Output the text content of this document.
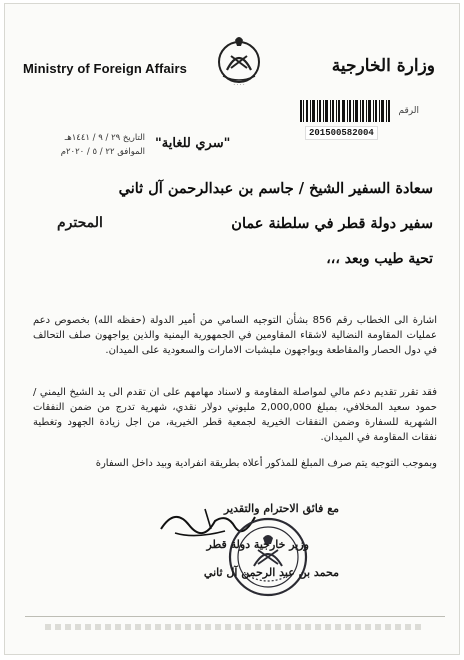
Ministry of Foreign Affairs
· · · ·
وزارة الخارجية
الرقم
201500582004
التاريخ ٢٩ / ٩ / ١٤٤١هـ
الموافق ٢٢ / ٥ / ٢٠٢٠م
"سري للغاية"
سعادة السفير الشيخ / جاسم بن عبدالرحمن آل ثاني
سفير دولة قطر في سلطنة عمان
المحترم
تحية طيب وبعد ،،،
اشارة الى الخطاب رقم 856 بشأن التوجيه السامي من أمير الدولة (حفظه الله) بخصوص دعم عمليات المقاومة النضالية لاشقاء المقاومين في الجمهورية اليمنية والذين يواجهون صلف التحالف في دول الحصار والمقاطعة ويواجهون مليشيات الامارات والسعودية على الميدان.
فقد تقرر تقديم دعم مالي لمواصلة المقاومة و لاسناد مهامهم على ان تقدم الى يد الشيخ اليمني / حمود سعيد المخلافي، بمبلغ 2,000,000 مليوني دولار نقدي، شهرية تدرج من ضمن النفقات الشهرية للسفارة وضمن النفقات الخيرية لجمعية قطر الخيرية، من اجل زيادة الجهود وتغطية نفقات المقاومة في الميدان.
وبموجب التوجيه يتم صرف المبلغ للمذكور أعلاه بطريقة انفرادية وبيد داخل السفارة
مع فائق الاحترام والتقدير
وزير خارجية دولة قطر
محمد بن عبد الرحمن آل ثاني
